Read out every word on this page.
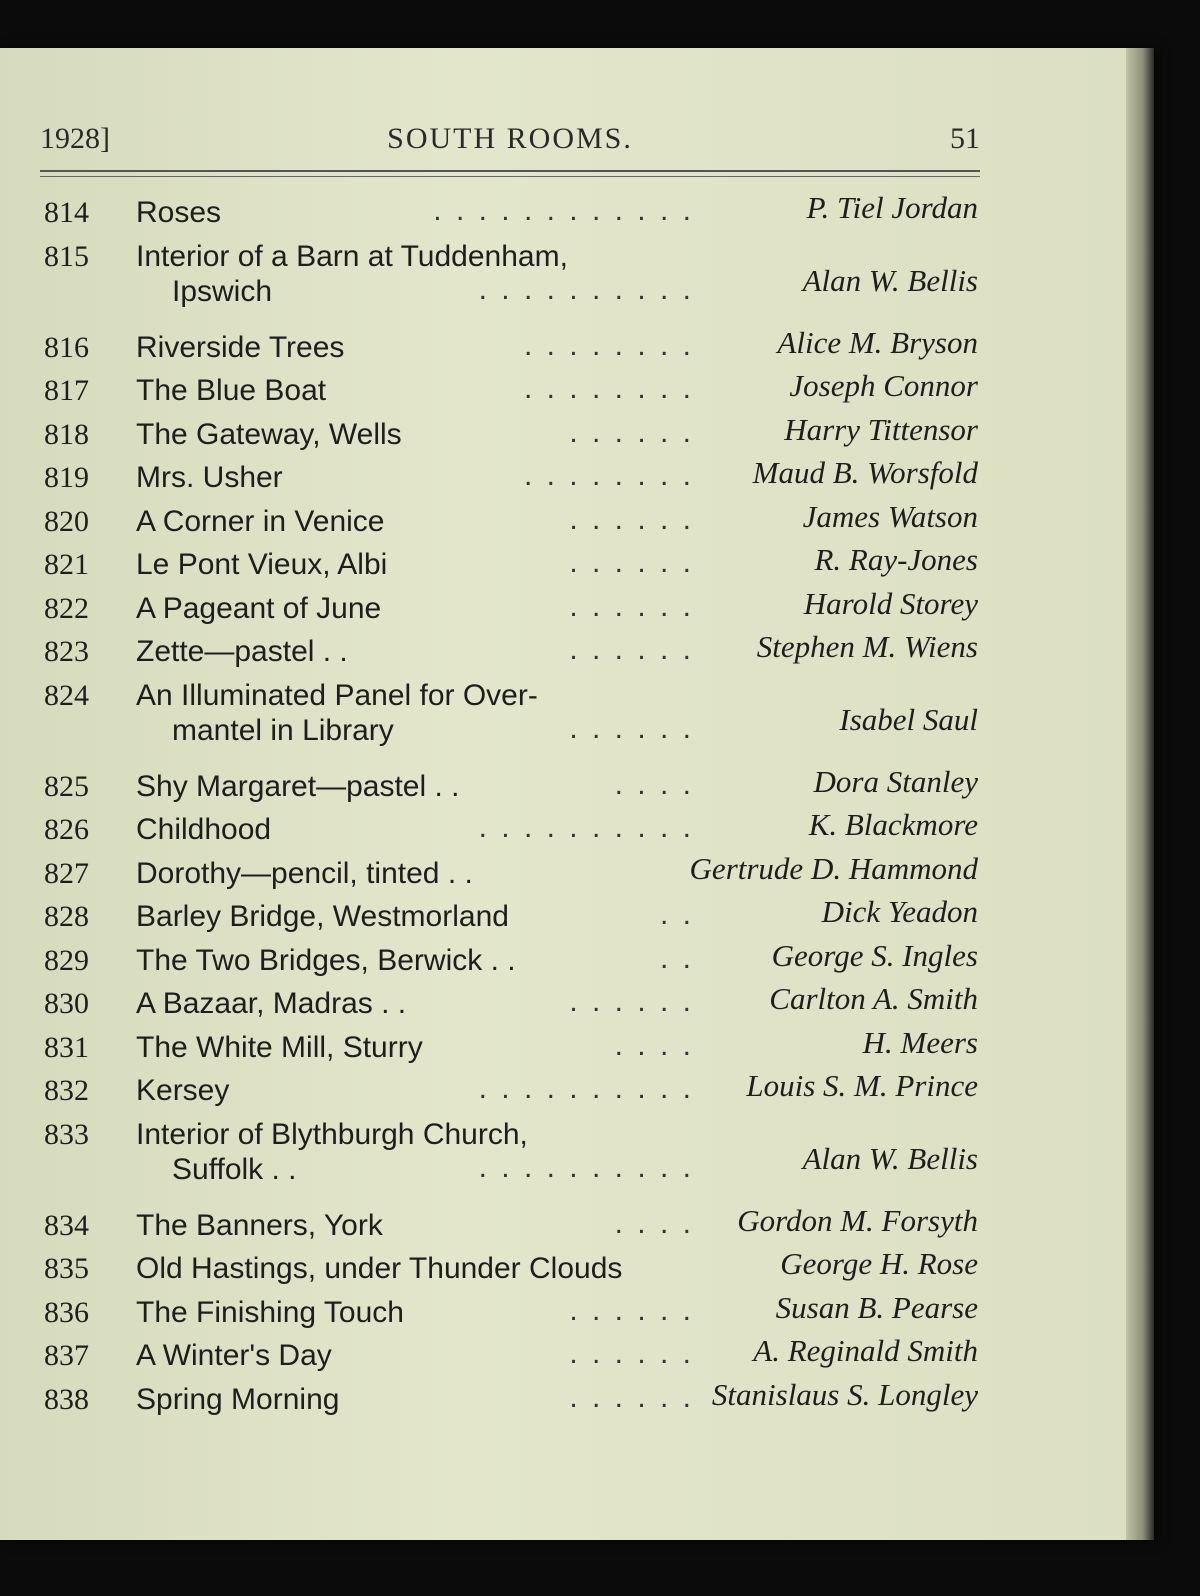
1928]	SOUTH ROOMS.	51
814 Roses	. . . . . . . . . . . .	P. Tiel Jordan
815 Interior of a Barn at Tuddenham,
Ipswich	. . . . . . . . . .	Alan W. Bellis
816 Riverside Trees	. . . . . . . .	Alice M. Bryson
817 The Blue Boat	. . . . . . . .	Joseph Connor
818 The Gateway, Wells	. . . . . .	Harry Tittensor
819 Mrs. Usher	. . . . . . . . Maud B. Worsfold
820 A Corner in Venice	. . . . . .	James Watson
821 Le Pont Vieux, Albi	. . . . . .	R. Ray-Jones
822 A Pageant of June	. . . . . .	Harold Storey
823 Zette—pastel . .	. . . . . . Stephen M. Wiens
824 An Illuminated Panel for Over-
mantel in Library	. . . . . .	Isabel Saul
825 Shy Margaret—pastel . .	. . . .	Dora Stanley
826 Childhood	. . . . . . . . . .	K. Blackmore
827 Dorothy—pencil, tinted . .	Gertrude D. Hammond
828 Barley Bridge, Westmorland	. .	Dick Yeadon
829 The Two Bridges, Berwick . .	. .	George S. Ingles
830 A Bazaar, Madras . .	. . . . . . Carlton A. Smith
831 The White Mill, Sturry	. . . .	H. Meers
832 Kersey	. . . . . . . . . . Louis S. M. Prince
833 Interior of Blythburgh Church,
Suffolk . .	. . . . . . . . . .	Alan W. Bellis
834 The Banners, York	. . . . Gordon M. Forsyth
835 Old Hastings, under Thunder Clouds	George H. Rose
836 The Finishing Touch	. . . . . .	Susan B. Pearse
837 A Winter's Day	. . . . . . A. Reginald Smith
838 Spring Morning	. . . . . . Stanislaus S. Longley
